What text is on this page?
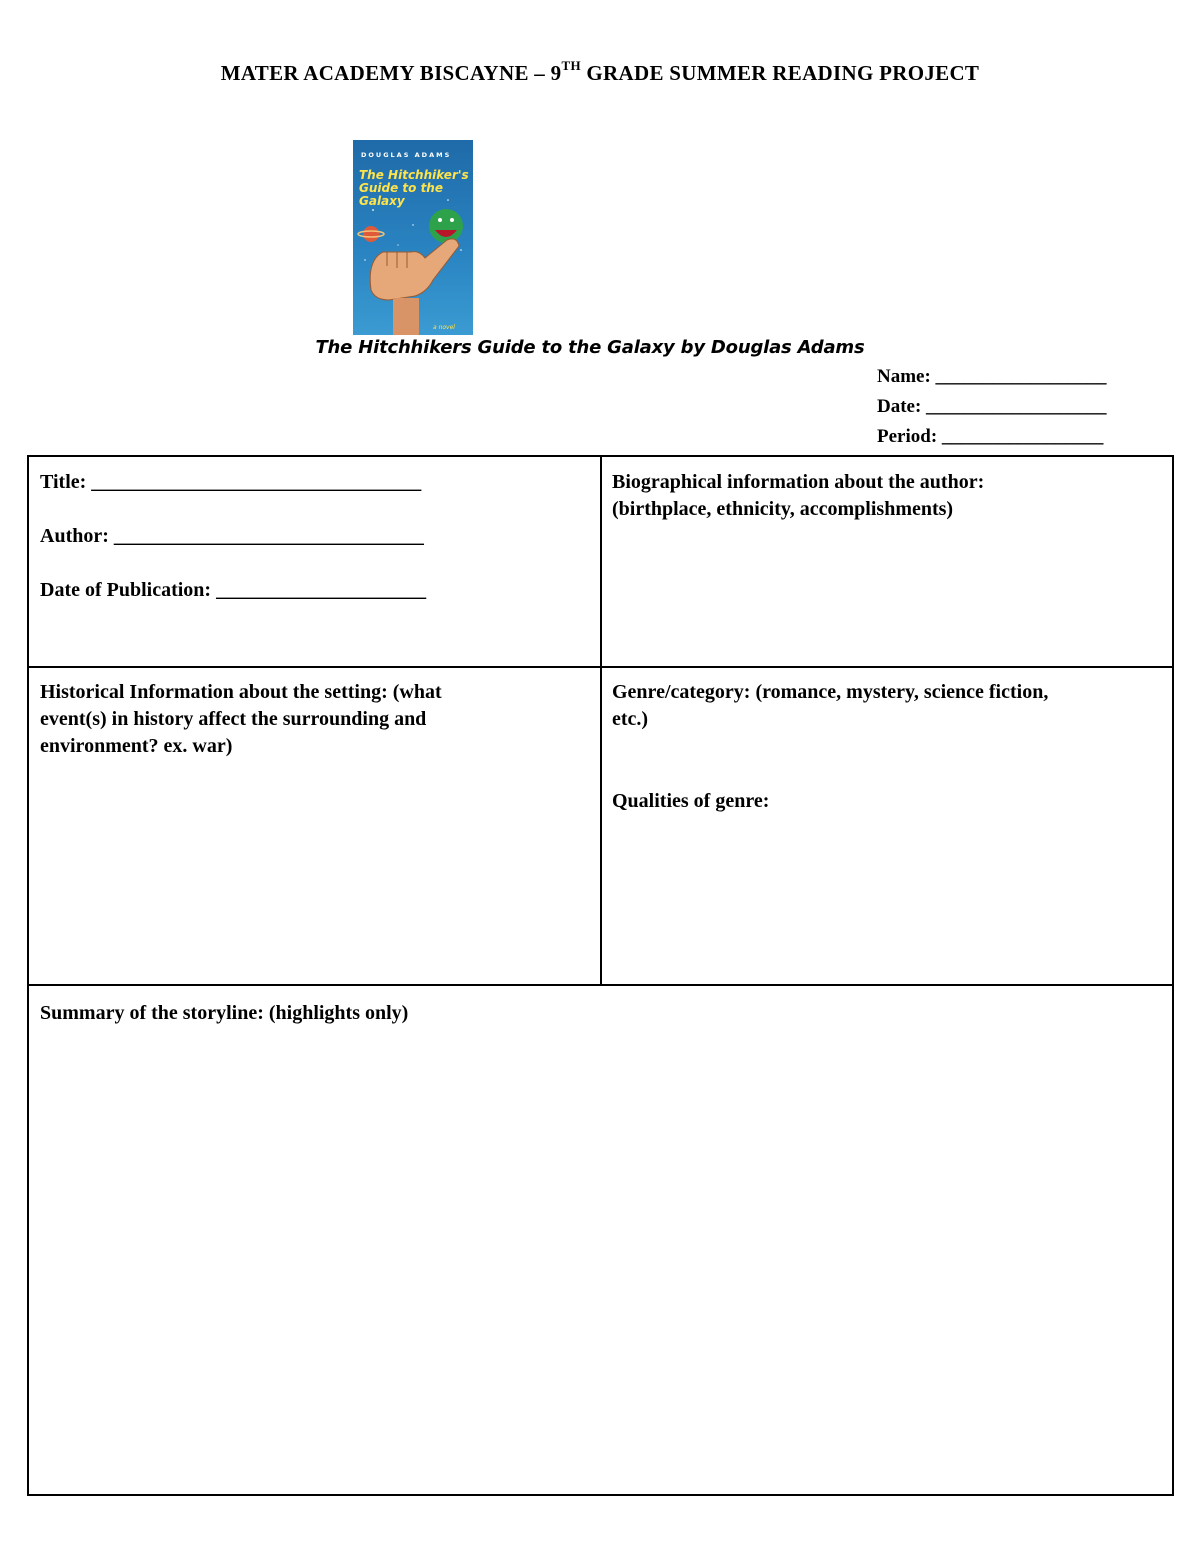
MATER ACADEMY BISCAYNE – 9TH GRADE SUMMER READING PROJECT
DOUGLAS ADAMS
The Hitchhiker's
Guide to the
Galaxy
a novel
The Hitchhikers Guide to the Galaxy by Douglas Adams
Name: __________________
Date: ___________________
Period: _________________
Title: _________________________________
Author: _______________________________
Date of Publication: _____________________
Biographical information about the author:
(birthplace, ethnicity, accomplishments)
Historical Information about the setting: (what
event(s) in history affect the surrounding and
environment? ex. war)
Genre/category: (romance, mystery, science fiction,
etc.)
Qualities of genre:
Summary of the storyline: (highlights only)
